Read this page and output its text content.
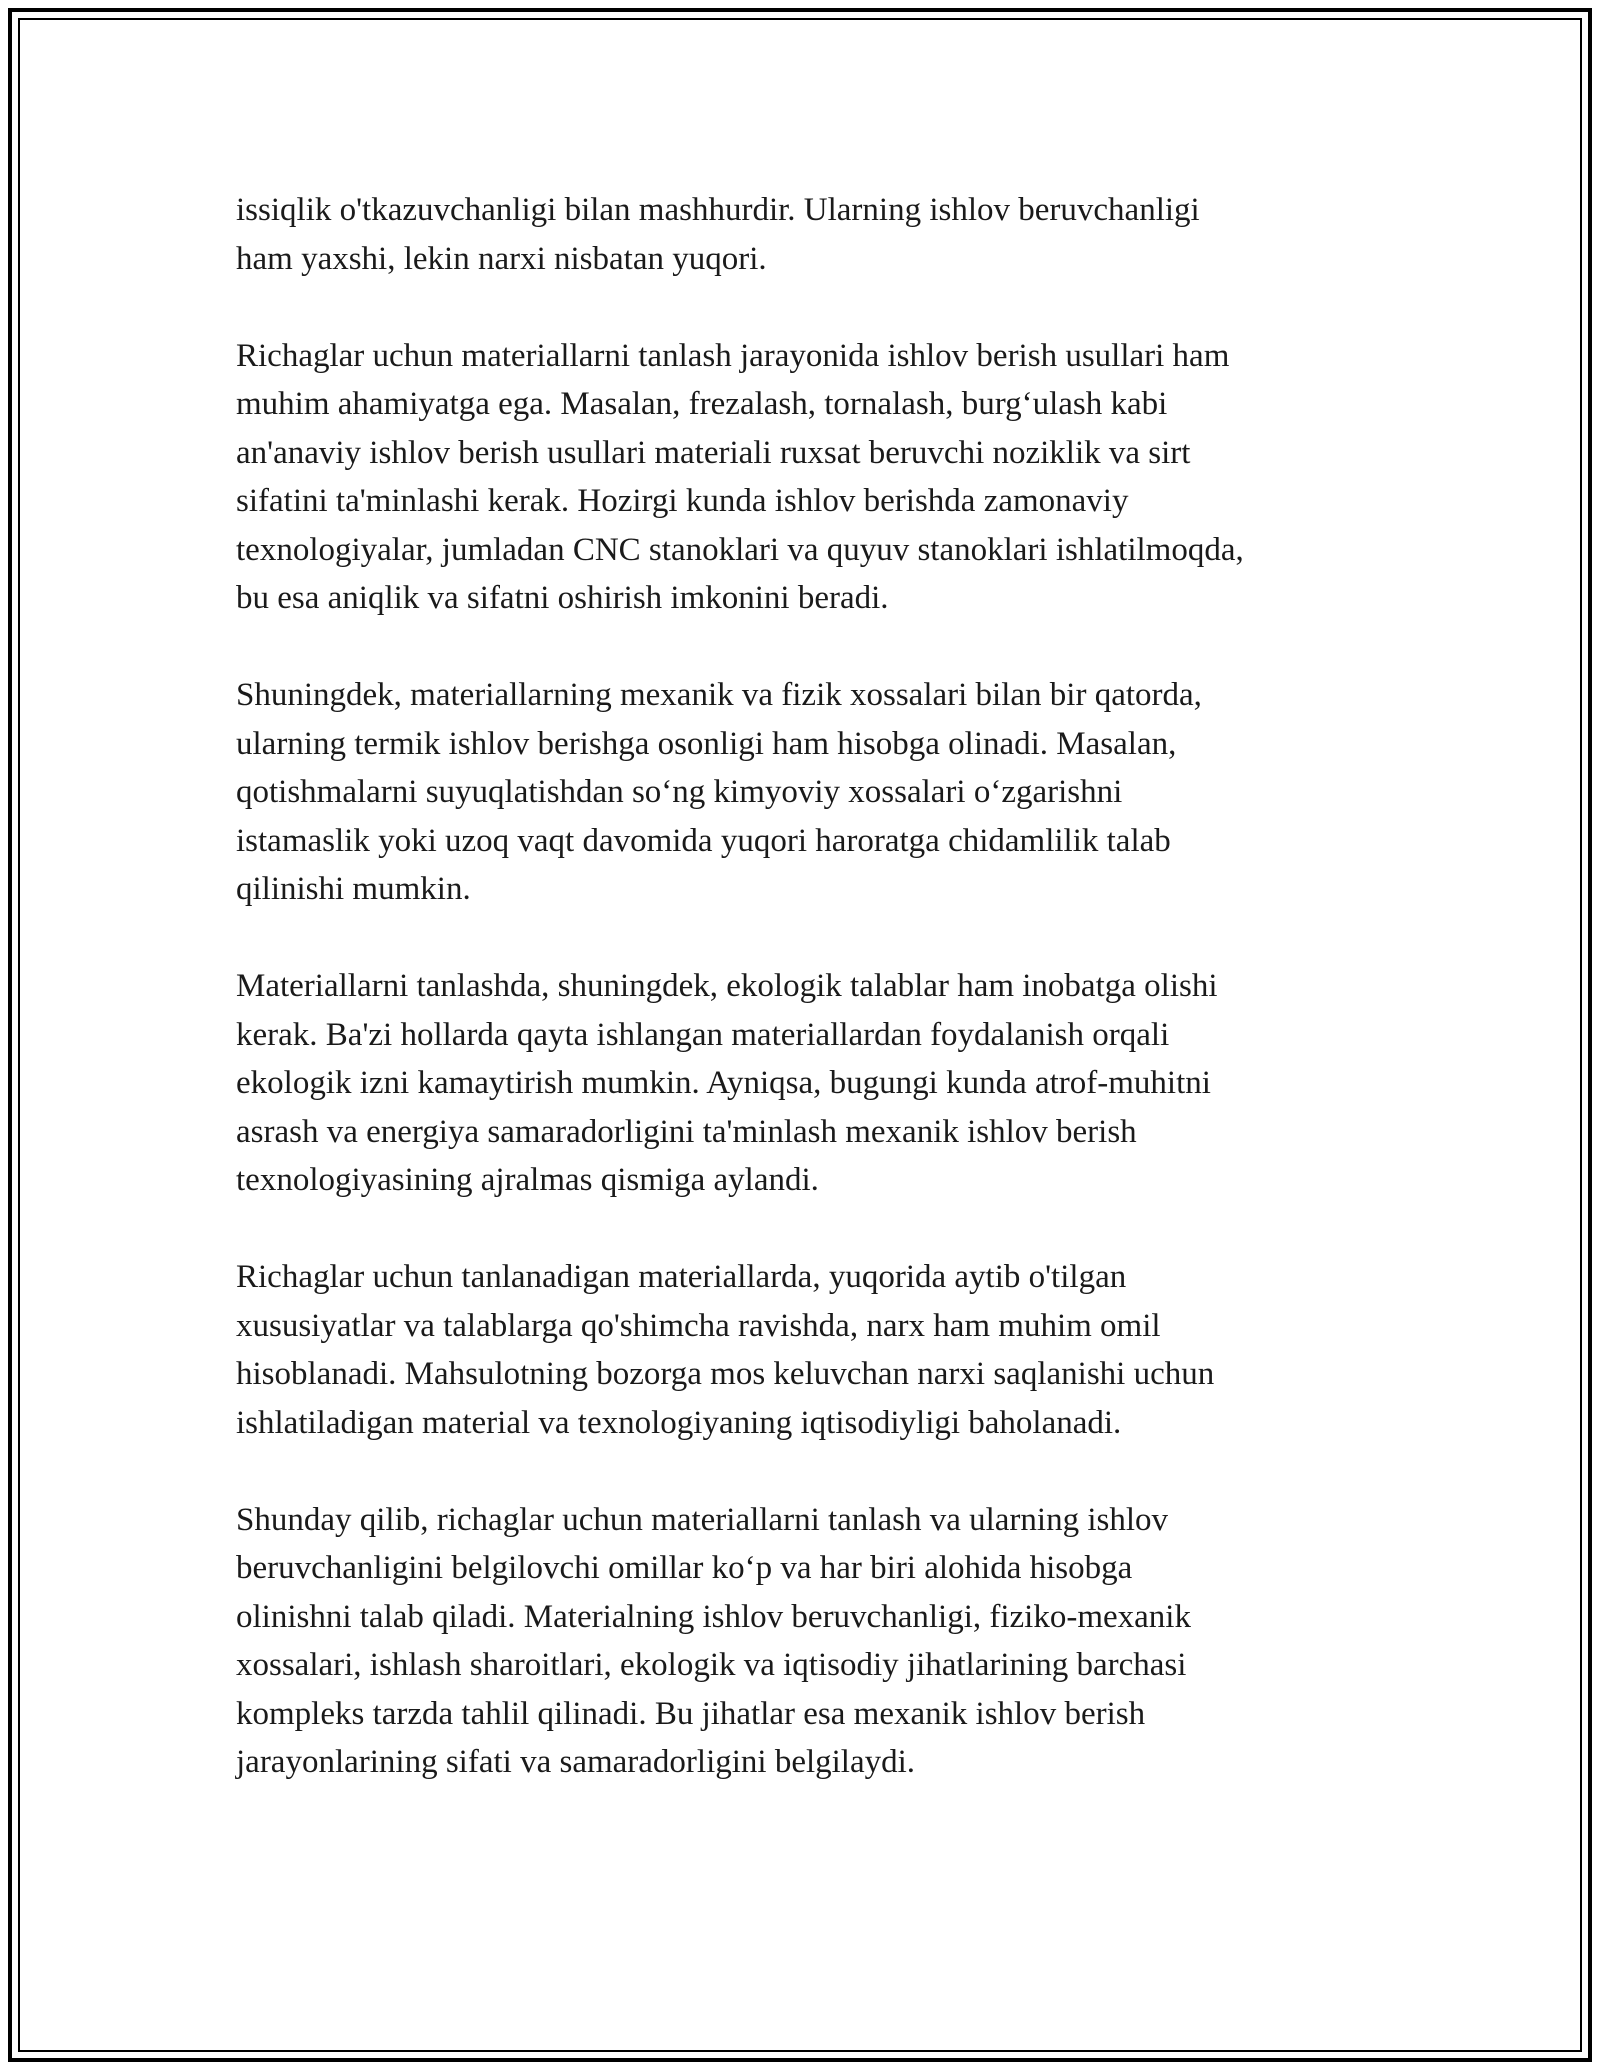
issiqlik o'tkazuvchanligi bilan mashhurdir. Ularning ishlov beruvchanligi
ham yaxshi, lekin narxi nisbatan yuqori.

Richaglar uchun materiallarni tanlash jarayonida ishlov berish usullari ham
muhim ahamiyatga ega. Masalan, frezalash, tornalash, burg‘ulash kabi
an'anaviy ishlov berish usullari materiali ruxsat beruvchi noziklik va sirt
sifatini ta'minlashi kerak. Hozirgi kunda ishlov berishda zamonaviy
texnologiyalar, jumladan CNC stanoklari va quyuv stanoklari ishlatilmoqda,
bu esa aniqlik va sifatni oshirish imkonini beradi.

Shuningdek, materiallarning mexanik va fizik xossalari bilan bir qatorda,
ularning termik ishlov berishga osonligi ham hisobga olinadi. Masalan,
qotishmalarni suyuqlatishdan so‘ng kimyoviy xossalari o‘zgarishni
istamaslik yoki uzoq vaqt davomida yuqori haroratga chidamlilik talab
qilinishi mumkin.

Materiallarni tanlashda, shuningdek, ekologik talablar ham inobatga olishi
kerak. Ba'zi hollarda qayta ishlangan materiallardan foydalanish orqali
ekologik izni kamaytirish mumkin. Ayniqsa, bugungi kunda atrof-muhitni
asrash va energiya samaradorligini ta'minlash mexanik ishlov berish
texnologiyasining ajralmas qismiga aylandi.

Richaglar uchun tanlanadigan materiallarda, yuqorida aytib o'tilgan
xususiyatlar va talablarga qo'shimcha ravishda, narx ham muhim omil
hisoblanadi. Mahsulotning bozorga mos keluvchan narxi saqlanishi uchun
ishlatiladigan material va texnologiyaning iqtisodiyligi baholanadi.

Shunday qilib, richaglar uchun materiallarni tanlash va ularning ishlov
beruvchanligini belgilovchi omillar ko‘p va har biri alohida hisobga
olinishni talab qiladi. Materialning ishlov beruvchanligi, fiziko-mexanik
xossalari, ishlash sharoitlari, ekologik va iqtisodiy jihatlarining barchasi
kompleks tarzda tahlil qilinadi. Bu jihatlar esa mexanik ishlov berish
jarayonlarining sifati va samaradorligini belgilaydi.
